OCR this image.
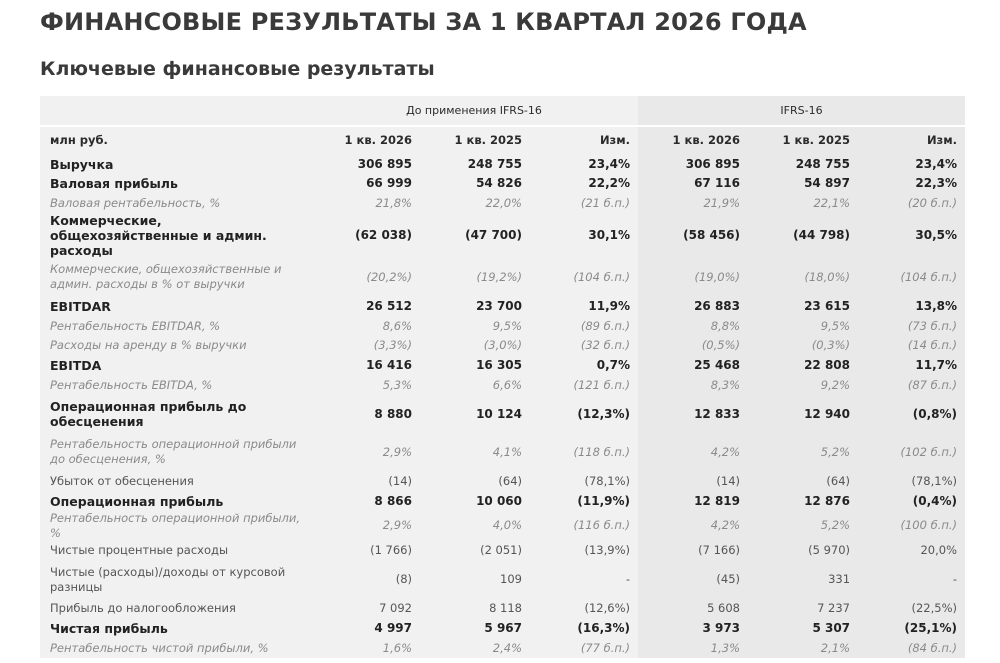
ФИНАНСОВЫЕ РЕЗУЛЬТАТЫ ЗА 1 КВАРТАЛ 2026 ГОДА
Ключевые финансовые результаты
	До применения IFRS-16			IFRS-16		
млн руб.	1 кв. 2026	1 кв. 2025	Изм.	1 кв. 2026	1 кв. 2025	Изм.
Выручка	306 895	248 755	23,4%	306 895	248 755	23,4%
Валовая прибыль	66 999	54 826	22,2%	67 116	54 897	22,3%
Валовая рентабельность, %	21,8%	22,0%	(21 б.п.)	21,9%	22,1%	(20 б.п.)
Коммерческие, общехозяйственные и админ. расходы	(62 038)	(47 700)	30,1%	(58 456)	(44 798)	30,5%
Коммерческие, общехозяйственные и админ. расходы в % от выручки	(20,2%)	(19,2%)	(104 б.п.)	(19,0%)	(18,0%)	(104 б.п.)
EBITDAR	26 512	23 700	11,9%	26 883	23 615	13,8%
Рентабельность EBITDAR, %	8,6%	9,5%	(89 б.п.)	8,8%	9,5%	(73 б.п.)
Расходы на аренду в % выручки	(3,3%)	(3,0%)	(32 б.п.)	(0,5%)	(0,3%)	(14 б.п.)
EBITDA	16 416	16 305	0,7%	25 468	22 808	11,7%
Рентабельность EBITDA, %	5,3%	6,6%	(121 б.п.)	8,3%	9,2%	(87 б.п.)
Операционная прибыль до обесценения	8 880	10 124	(12,3%)	12 833	12 940	(0,8%)
Рентабельность операционной прибыли до обесценения, %	2,9%	4,1%	(118 б.п.)	4,2%	5,2%	(102 б.п.)
Убыток от обесценения	(14)	(64)	(78,1%)	(14)	(64)	(78,1%)
Операционная прибыль	8 866	10 060	(11,9%)	12 819	12 876	(0,4%)
Рентабельность операционной прибыли, %	2,9%	4,0%	(116 б.п.)	4,2%	5,2%	(100 б.п.)
Чистые процентные расходы	(1 766)	(2 051)	(13,9%)	(7 166)	(5 970)	20,0%
Чистые (расходы)/доходы от курсовой разницы	(8)	109	-	(45)	331	-
Прибыль до налогообложения	7 092	8 118	(12,6%)	5 608	7 237	(22,5%)
Чистая прибыль	4 997	5 967	(16,3%)	3 973	5 307	(25,1%)
Рентабельность чистой прибыли, %	1,6%	2,4%	(77 б.п.)	1,3%	2,1%	(84 б.п.)
